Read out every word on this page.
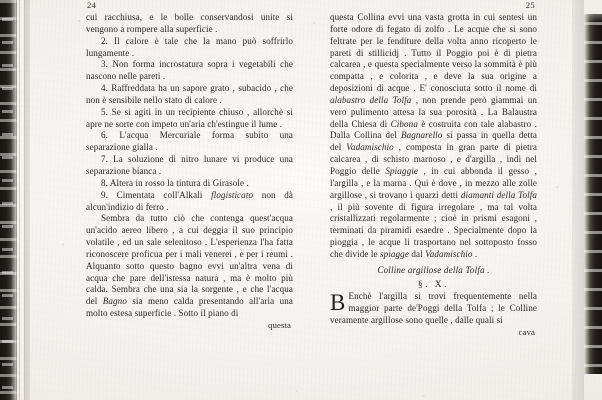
24

cui racchiusa, e le bolle conservandosi unite si vengono a rompere alla superficie .

2. Il calore è tale che la mano può soffrirlo lungamente .

3. Non forma incrostatura sopra i vegetabili che nascono nelle pareti .

4. Raffreddata ha un sapore grato , subacido , che non è sensibile nello stato di calore .

5. Se si agiti in un recipiente chiuso , allorchè si apre ne sorte con impeto un'aria ch'estingue il lume .

6. L'acqua Mercuriale forma subito una separazione gialla .

7. La soluzione di nitro lunare vi produce una separazione bianca .

8. Altera in rosso la tintura di Girasole .

9. Cimentata coll'Alkali flogisticato non dà alcun'indizio di ferro .

Sembra da tutto ciò che contenga quest'acqua un'acido aereo libero , a cui deggia il suo principio volatile , ed un sale selenitoso . L'esperienza l'ha fatta riconoscere proficua per i mali venerei , e per i reumi . Alquanto sotto questo bagno evvi un'altra vena di acqua che pare dell'istessa natura , ma è molto più calda. Sembra che una sia la sorgente , e che l'acqua del Bagno sia meno calda presentando all'aria una molto estesa superficie . Sotto il piano di

questa

25

questa Collina evvi una vasta grotta in cui sentesi un forte odore di fegato di zolfo . Le acque che si sono feltrate per le fenditure della volta anno ricoperto le pareti di stillicidj . Tutto il Poggio poi è di pietra calcarea , e questa specialmente verso la sommità è più compatta , e colorita , e deve la sua origine a deposizioni di acque . E' conosciuta sotto il nome di alabastro della Tolfa , non prende però giammai un vero pulimento attesa la sua porosità . La Balaustra della Chiesa di Cibona è costruita con tale alabastro . Dalla Collina del Bagnarello si passa in quella detta del Vadamischio , composta in gran parte di pietra calcarea , di schisto marnoso , e d'argilla , indi nel Poggio delle Spiaggie , in cui abbonda il gesso , l'argilla , e la marna . Qui è dove , in mezzo alle zolle argillose , si trovano i quarzi detti diamanti della Tolfa , il più sovente di figura irregolare , ma tal volta cristallizzati regolarmente ; cioè in prismi esagoni , terminati da piramidi esaedre . Specialmente dopo la pioggia , le acque li trasportano nel sottoposto fosso che divide le spiagge dal Vadamischio .

Colline argillose della Tolfa .

§. X.

B Enchè l'argilla si trovi frequentemente nella maggior parte de'Poggi della Tolfa ; le Colline veramente argillose sono quelle , dalle quali si

cava
